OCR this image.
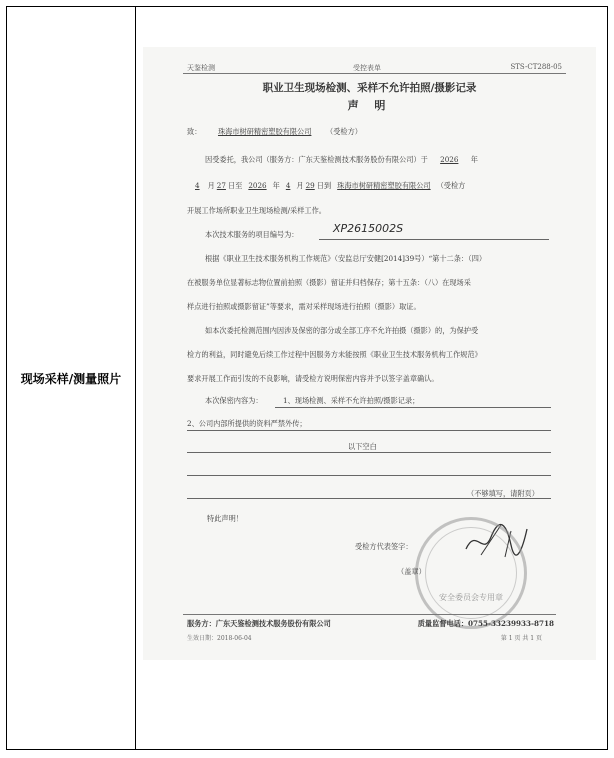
现场采样/测量照片
天鉴检测	受控表单	STS-CT288-05
职业卫生现场检测、采样不允许拍照/摄影记录
声 明
致： 珠海市树研精密塑胶有限公司 （受检方）
因受委托，我公司（服务方：广东天鉴检测技术服务股份有限公司）于 2026 年
4 月 27 日至 2026 年 4 月 29 日到 珠海市树研精密塑胶有限公司 （受检方
开展工作场所职业卫生现场检测/采样工作。
本次技术服务的项目编号为：	XP2615002S
根据《职业卫生技术服务机构工作规范》（安监总厅安健[2014]39号）“第十二条：（四）
在被服务单位显著标志物位置前拍照（摄影）留证并归档保存；第十五条：（八）在现场采
样点进行拍照或摄影留证”等要求，需对采样现场进行拍照（摄影）取证。
如本次委托检测范围内因涉及保密的部分或全部工序不允许拍摄（摄影）的，为保护受
检方的利益，同时避免后续工作过程中因服务方未能按照《职业卫生技术服务机构工作规范》
要求开展工作而引发的不良影响，请受检方说明保密内容并予以签字盖章确认。
本次保密内容为：	1、现场检测、采样不允许拍照/摄影记录；
2、公司内部所提供的资料严禁外传；
以下空白
（不够填写，请附页）
特此声明！
受检方代表签字：
安全委员会专用章
（盖章）
服务方：广东天鉴检测技术服务股份有限公司	质量监督电话：0755-33239933-8718
生效日期：2018-06-04	第 1 页 共 1 页
